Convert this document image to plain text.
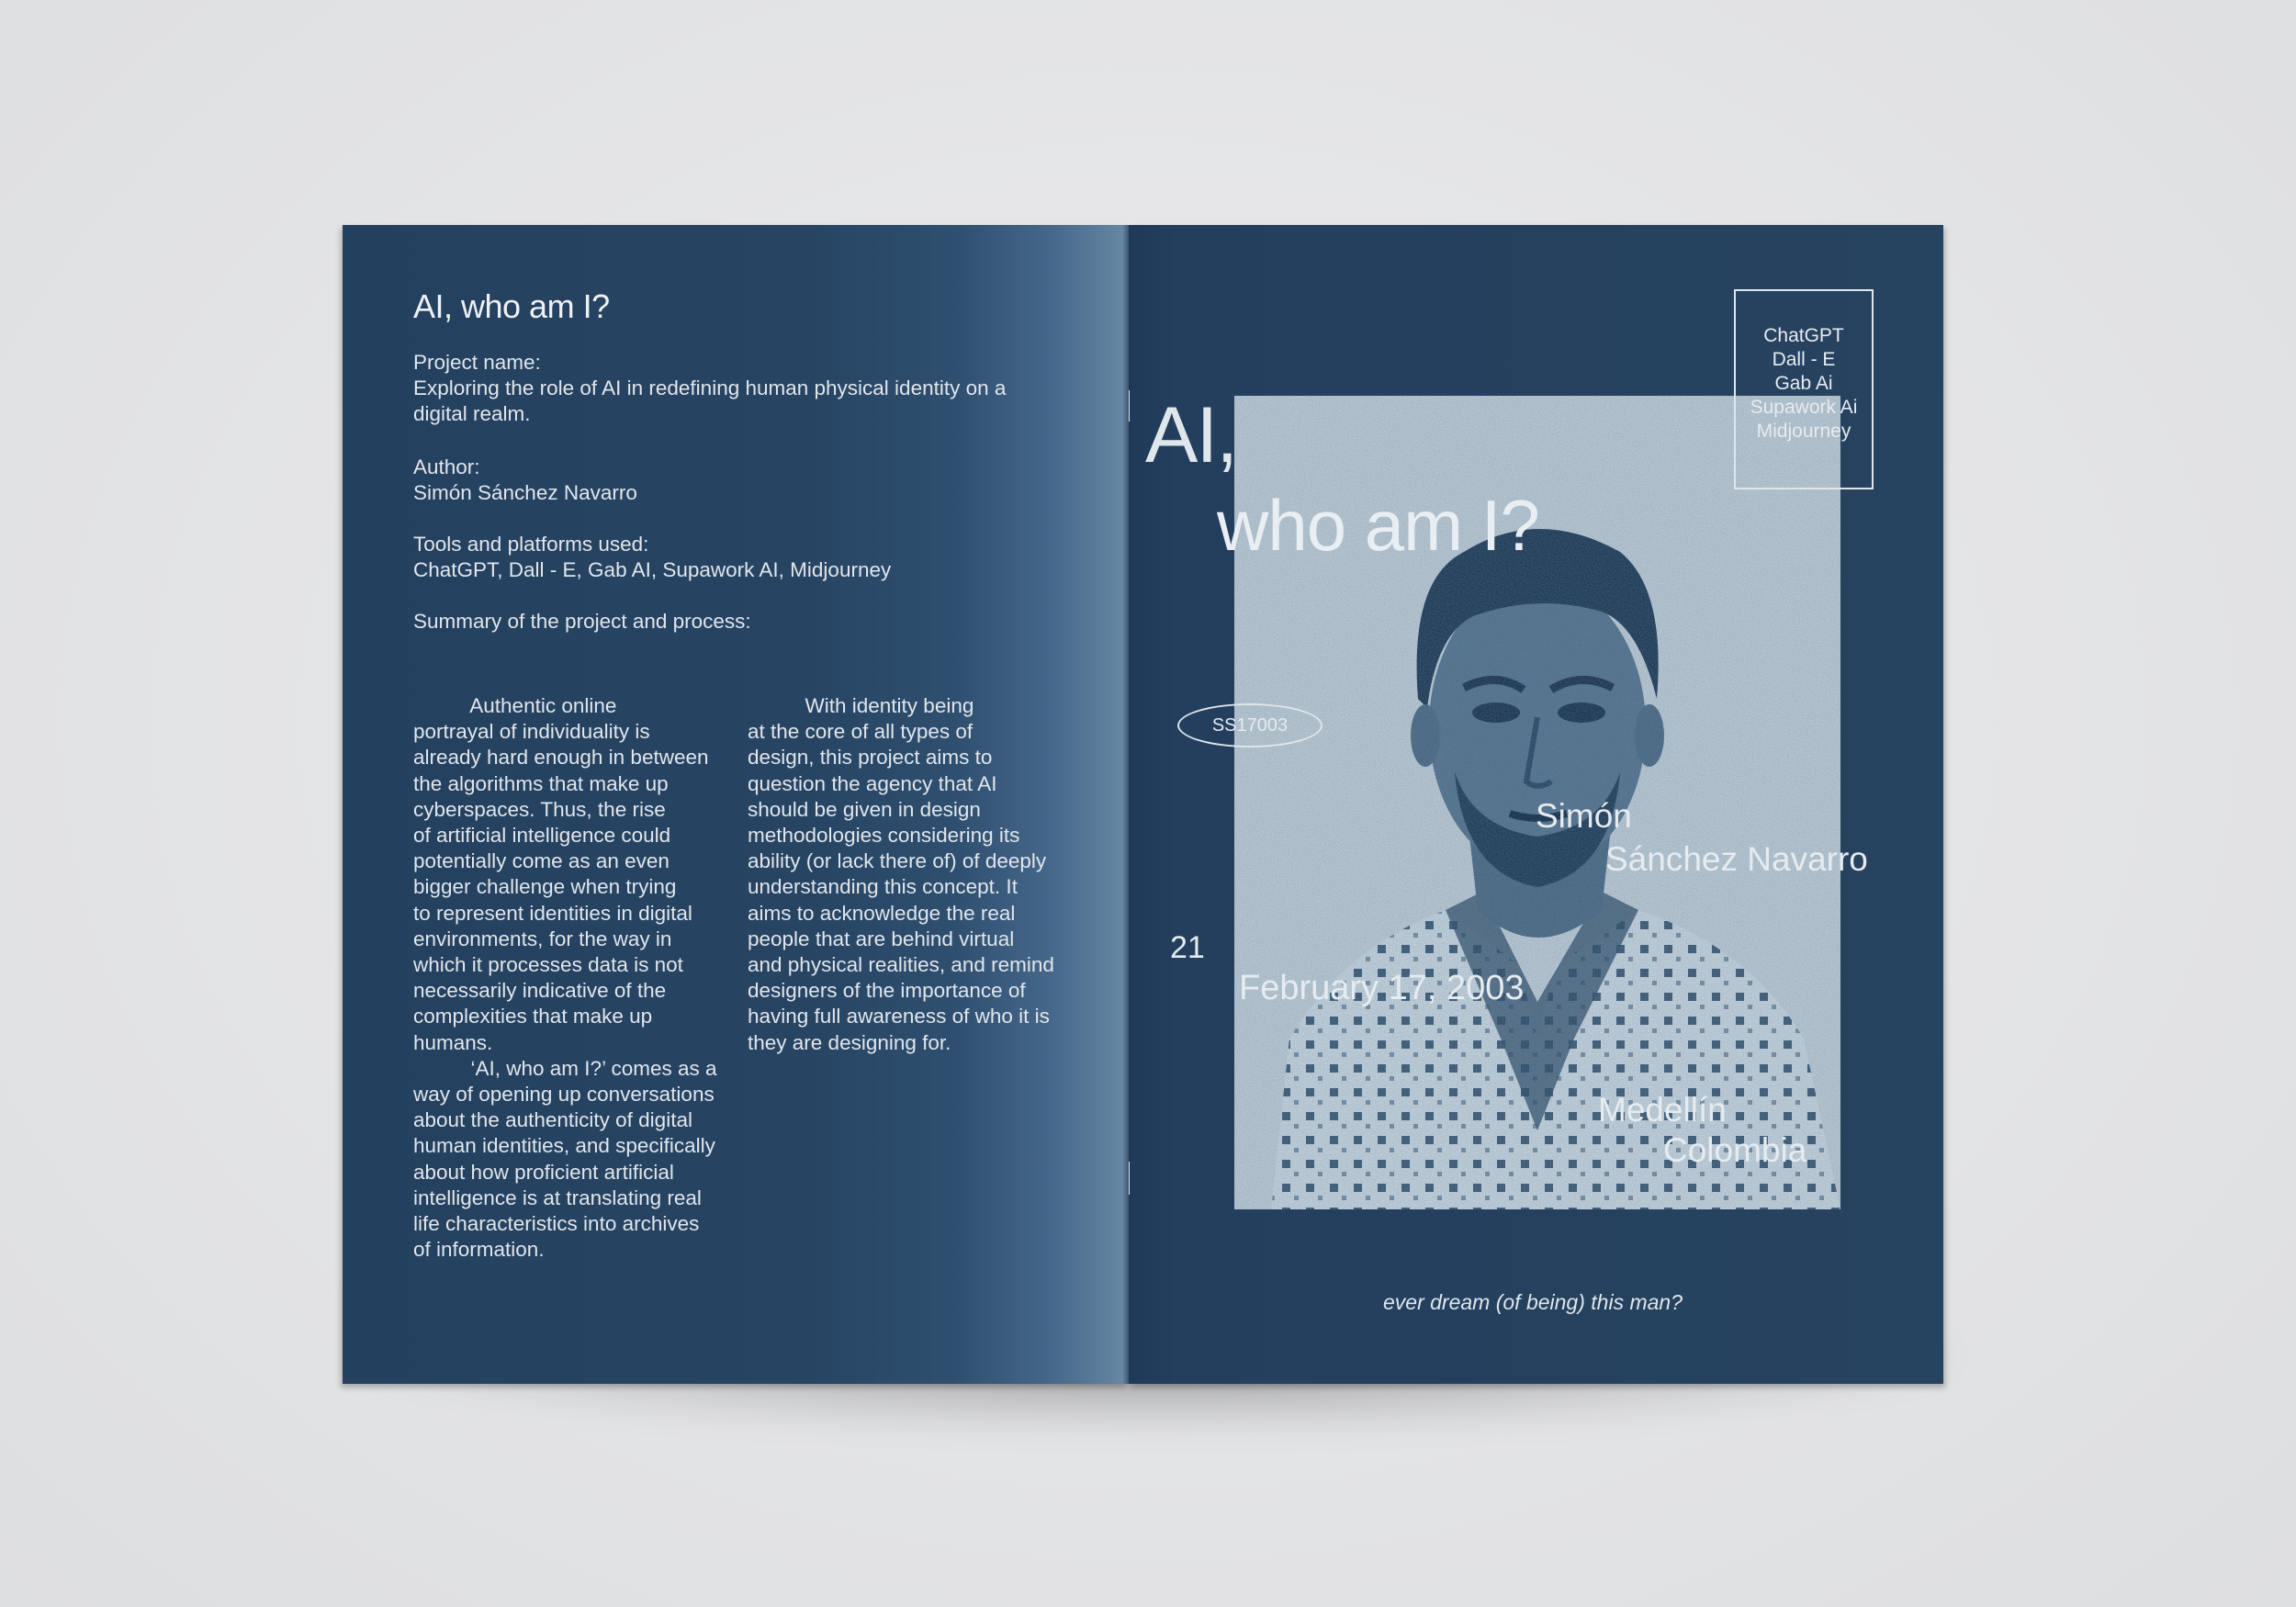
AI, who am I?
Project name:
Exploring the role of AI in redefining human physical identity on a
digital realm.
Author:
Simón Sánchez Navarro
Tools and platforms used:
ChatGPT, Dall - E, Gab AI, Supawork AI, Midjourney
Summary of the project and process:
Authentic online
portrayal of individuality is
already hard enough in between
the algorithms that make up
cyberspaces. Thus, the rise
of artificial intelligence could
potentially come as an even
bigger challenge when trying
to represent identities in digital
environments, for the way in
which it processes data is not
necessarily indicative of the
complexities that make up
humans.
‘AI, who am I?’ comes as a
way of opening up conversations
about the authenticity of digital
human identities, and specifically
about how proficient artificial
intelligence is at translating real
life characteristics into archives
of information.
With identity being
at the core of all types of
design, this project aims to
question the agency that AI
should be given in design
methodologies considering its
ability (or lack there of) of deeply
understanding this concept. It
aims to acknowledge the real
people that are behind virtual
and physical realities, and remind
designers of the importance of
having full awareness of who it is
they are designing for.
AI,
who am I?
ChatGPT
Dall - E
Gab Ai
Supawork Ai
Midjourney
SS17003
Simón
Sánchez Navarro
21
February 17, 2003
Medellín
Colombia
ever dream (of being) this man?
